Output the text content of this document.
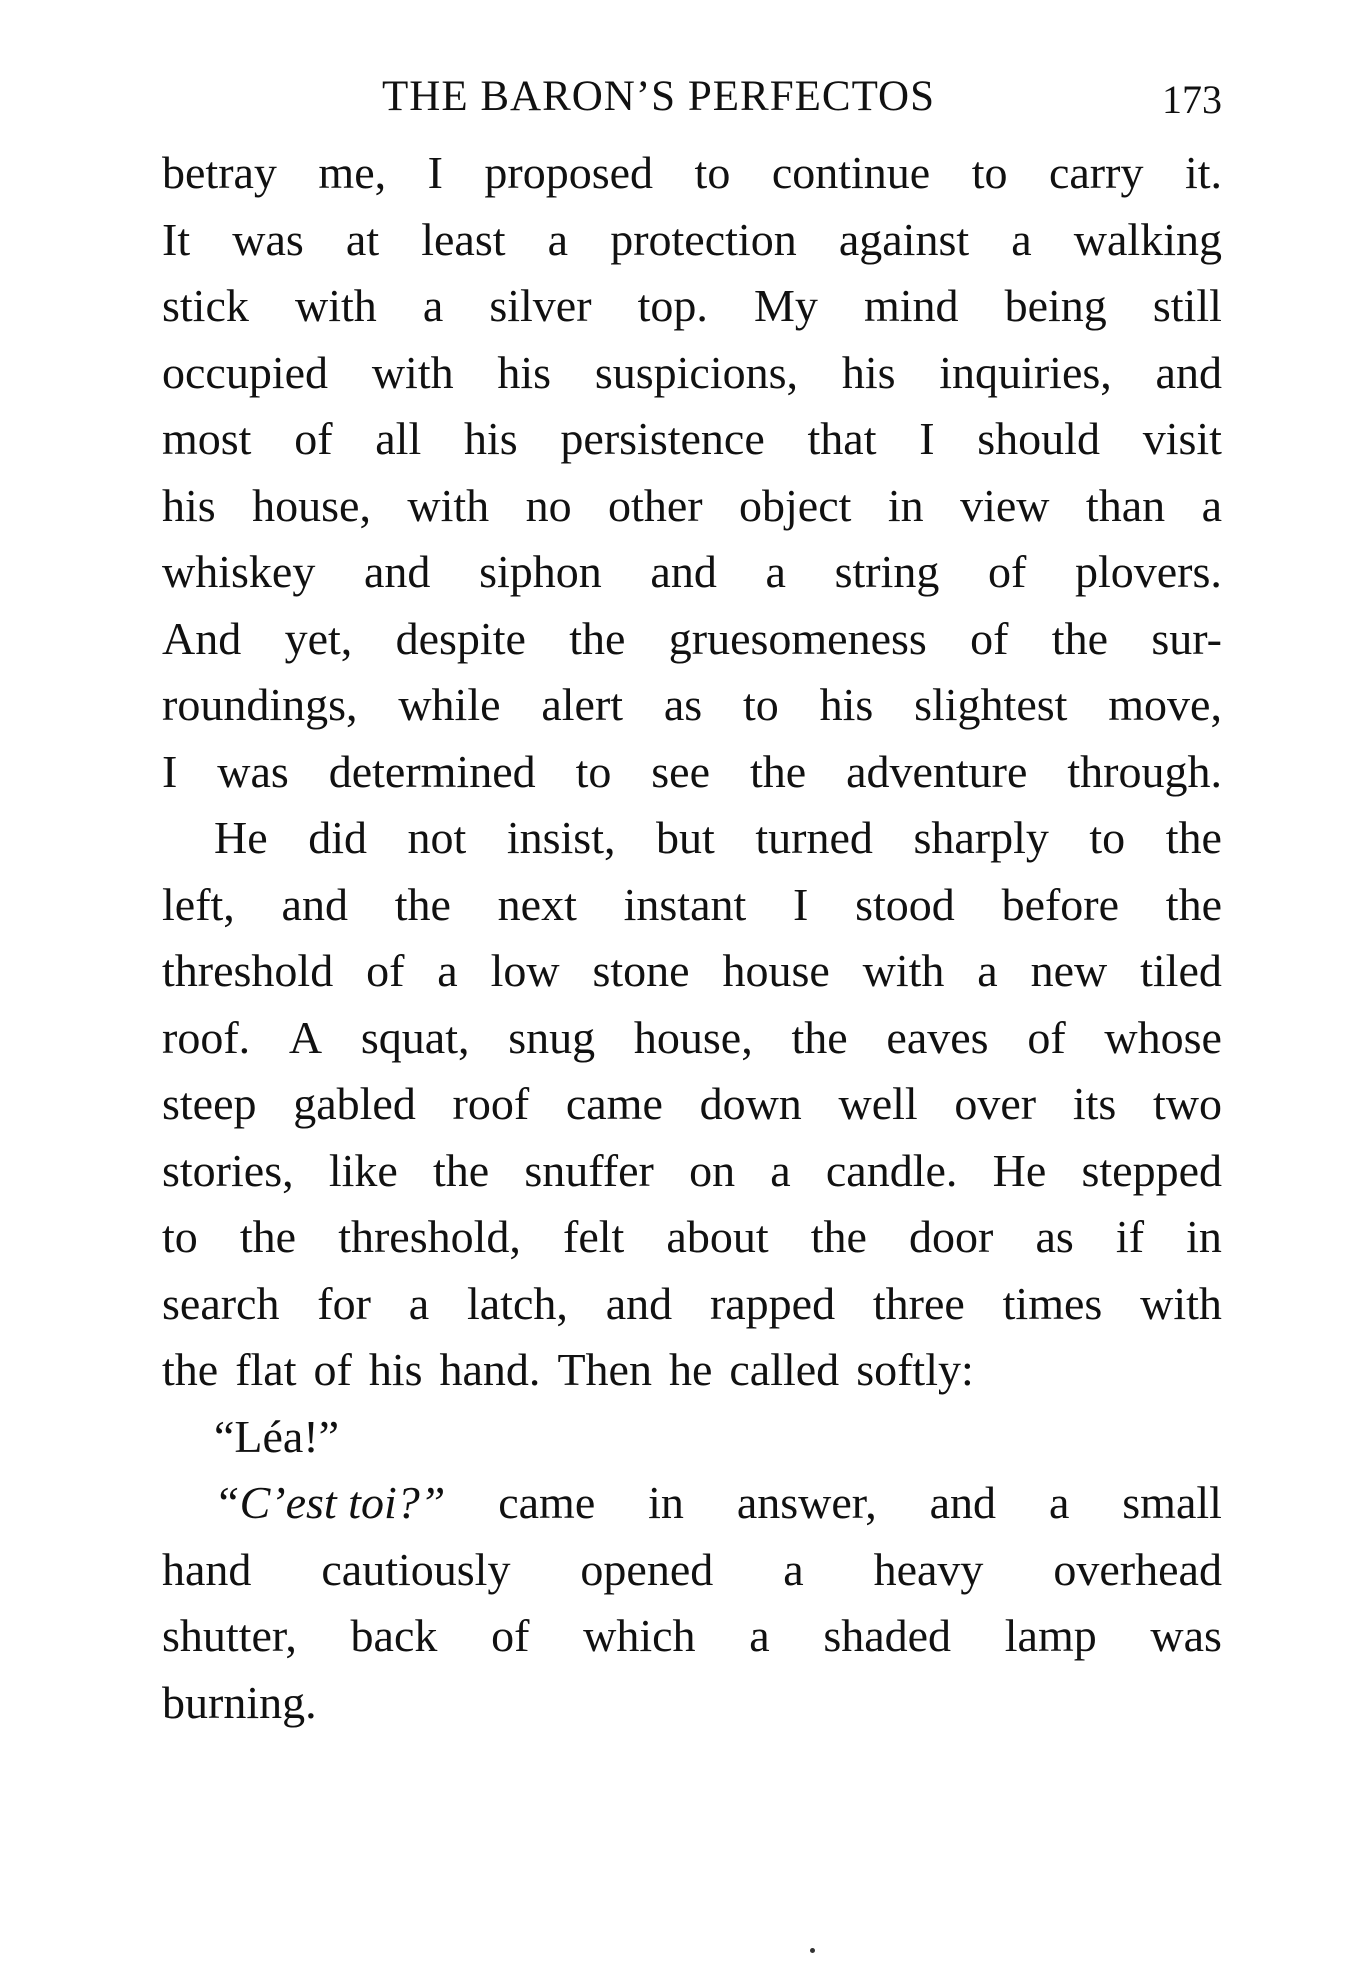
THE BARON’S PERFECTOS	173
betray me, I proposed to continue to carry it.
It was at least a protection against a walking
stick with a silver top. My mind being still
occupied with his suspicions, his inquiries, and
most of all his persistence that I should visit
his house, with no other object in view than a
whiskey and siphon and a string of plovers.
And yet, despite the gruesomeness of the sur-
roundings, while alert as to his slightest move,
I was determined to see the adventure through.
He did not insist, but turned sharply to the
left, and the next instant I stood before the
threshold of a low stone house with a new tiled
roof. A squat, snug house, the eaves of whose
steep gabled roof came down well over its two
stories, like the snuffer on a candle. He stepped
to the threshold, felt about the door as if in
search for a latch, and rapped three times with
the flat of his hand. Then he called softly:
“Léa!”
“C’est toi?” came in answer, and a small
hand cautiously opened a heavy overhead
shutter, back of which a shaded lamp was
burning.
